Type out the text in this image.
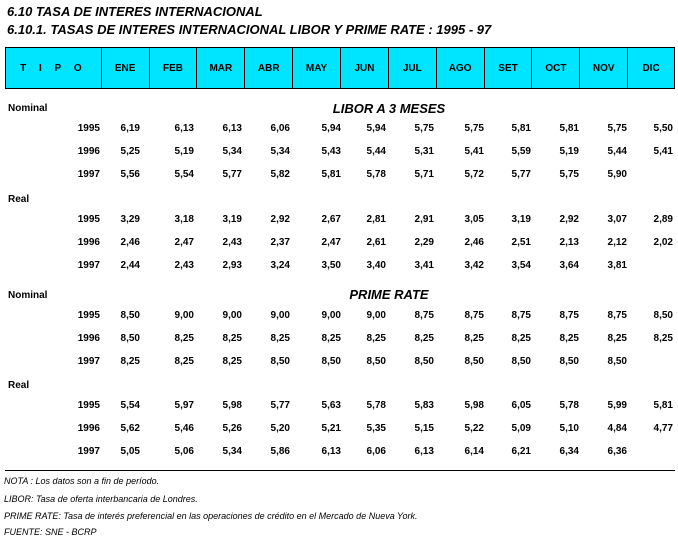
6.10 TASA DE INTERES INTERNACIONAL
6.10.1. TASAS DE INTERES INTERNACIONAL LIBOR Y PRIME RATE : 1995 - 97
T I P O	ENE	FEB	MAR	ABR	MAY	JUN	JUL	AGO	SET	OCT	NOV	DIC
LIBOR A 3 MESES
Nominal
1995	6,19	6,13	6,13	6,06	5,94	5,94	5,75	5,75	5,81	5,81	5,75	5,50
1996	5,25	5,19	5,34	5,34	5,43	5,44	5,31	5,41	5,59	5,19	5,44	5,41
1997	5,56	5,54	5,77	5,82	5,81	5,78	5,71	5,72	5,77	5,75	5,90
Real
1995	3,29	3,18	3,19	2,92	2,67	2,81	2,91	3,05	3,19	2,92	3,07	2,89
1996	2,46	2,47	2,43	2,37	2,47	2,61	2,29	2,46	2,51	2,13	2,12	2,02
1997	2,44	2,43	2,93	3,24	3,50	3,40	3,41	3,42	3,54	3,64	3,81
PRIME RATE
Nominal
1995	8,50	9,00	9,00	9,00	9,00	9,00	8,75	8,75	8,75	8,75	8,75	8,50
1996	8,50	8,25	8,25	8,25	8,25	8,25	8,25	8,25	8,25	8,25	8,25	8,25
1997	8,25	8,25	8,25	8,50	8,50	8,50	8,50	8,50	8,50	8,50	8,50
Real
1995	5,54	5,97	5,98	5,77	5,63	5,78	5,83	5,98	6,05	5,78	5,99	5,81
1996	5,62	5,46	5,26	5,20	5,21	5,35	5,15	5,22	5,09	5,10	4,84	4,77
1997	5,05	5,06	5,34	5,86	6,13	6,06	6,13	6,14	6,21	6,34	6,36
NOTA : Los datos son a fin de período.
LIBOR: Tasa de oferta interbancaria de Londres.
PRIME RATE: Tasa de interés preferencial en las operaciones de crédito en el Mercado de Nueva York.
FUENTE: SNE - BCRP
